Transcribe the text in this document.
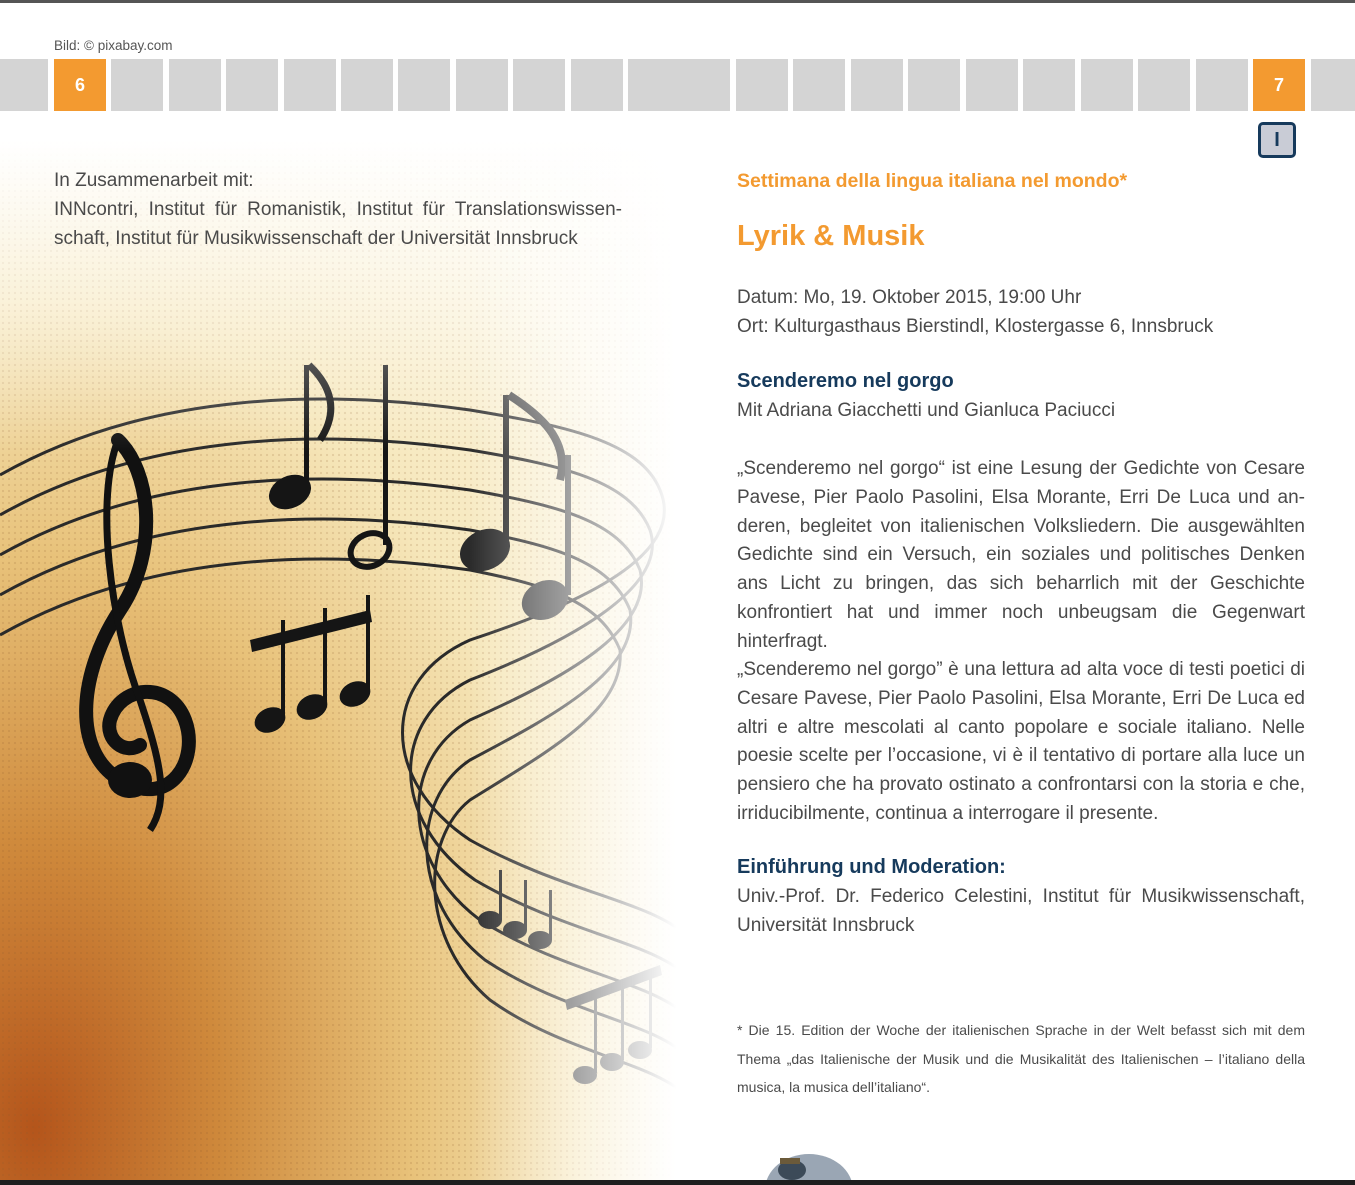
Bild: © pixabay.com
6	7
I

In Zusammenarbeit mit:

INNcontri, Institut für Romanistik, Institut für Translationswissenschaft, Institut für Musikwissenschaft der Universität Innsbruck

Settimana della lingua italiana nel mondo*

Lyrik & Musik
Datum: Mo, 19. Oktober 2015, 19:00 Uhr
Ort: Kulturgasthaus Bierstindl, Klostergasse 6, Innsbruck
Scenderemo nel gorgo

Mit Adriana Giacchetti und Gianluca Paciucci

„Scenderemo nel gorgo“ ist eine Lesung der Gedichte von Cesare Pavese, Pier Paolo Pasolini, Elsa Morante, Erri De Luca und anderen, begleitet von italienischen Volksliedern. Die ausgewählten Gedichte sind ein Versuch, ein soziales und politisches Denken ans Licht zu bringen, das sich beharrlich mit der Geschichte konfrontiert hat und immer noch unbeugsam die Gegenwart hinterfragt.

„Scenderemo nel gorgo” è una lettura ad alta voce di testi poetici di Cesare Pavese, Pier Paolo Pasolini, Elsa Morante, Erri De Luca ed altri e altre mescolati al canto popolare e sociale italiano. Nelle poesie scelte per l’occasione, vi è il tentativo di portare alla luce un pensiero che ha provato ostinato a confrontarsi con la storia e che, irriducibilmente, continua a interrogare il presente.

Einführung und Moderation:

Univ.-Prof. Dr. Federico Celestini, Institut für Musikwissenschaft, Universität Innsbruck

* Die 15. Edition der Woche der italienischen Sprache in der Welt befasst sich mit dem Thema „das Italienische der Musik und die Musikalität des Italienischen – l’italiano della musica, la musica dell’italiano“.
